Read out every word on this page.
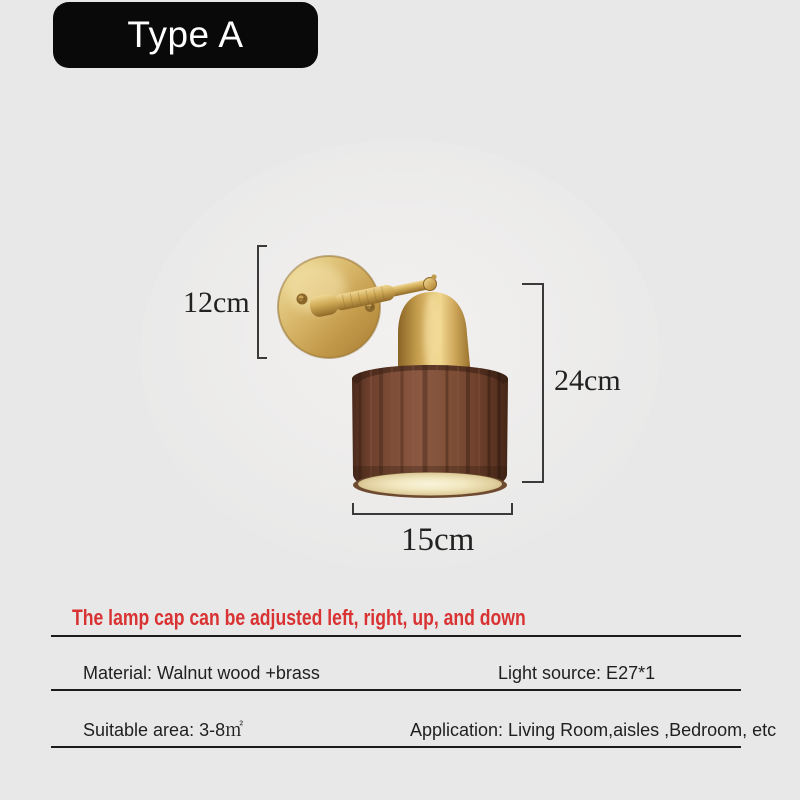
Type A
12cm
24cm
15cm
The lamp cap can be adjusted left, right, up, and down
Material: Walnut wood +brass	Light source: E27*1
Suitable area: 3-8㎡	Application: Living Room,aisles ,Bedroom, etc
